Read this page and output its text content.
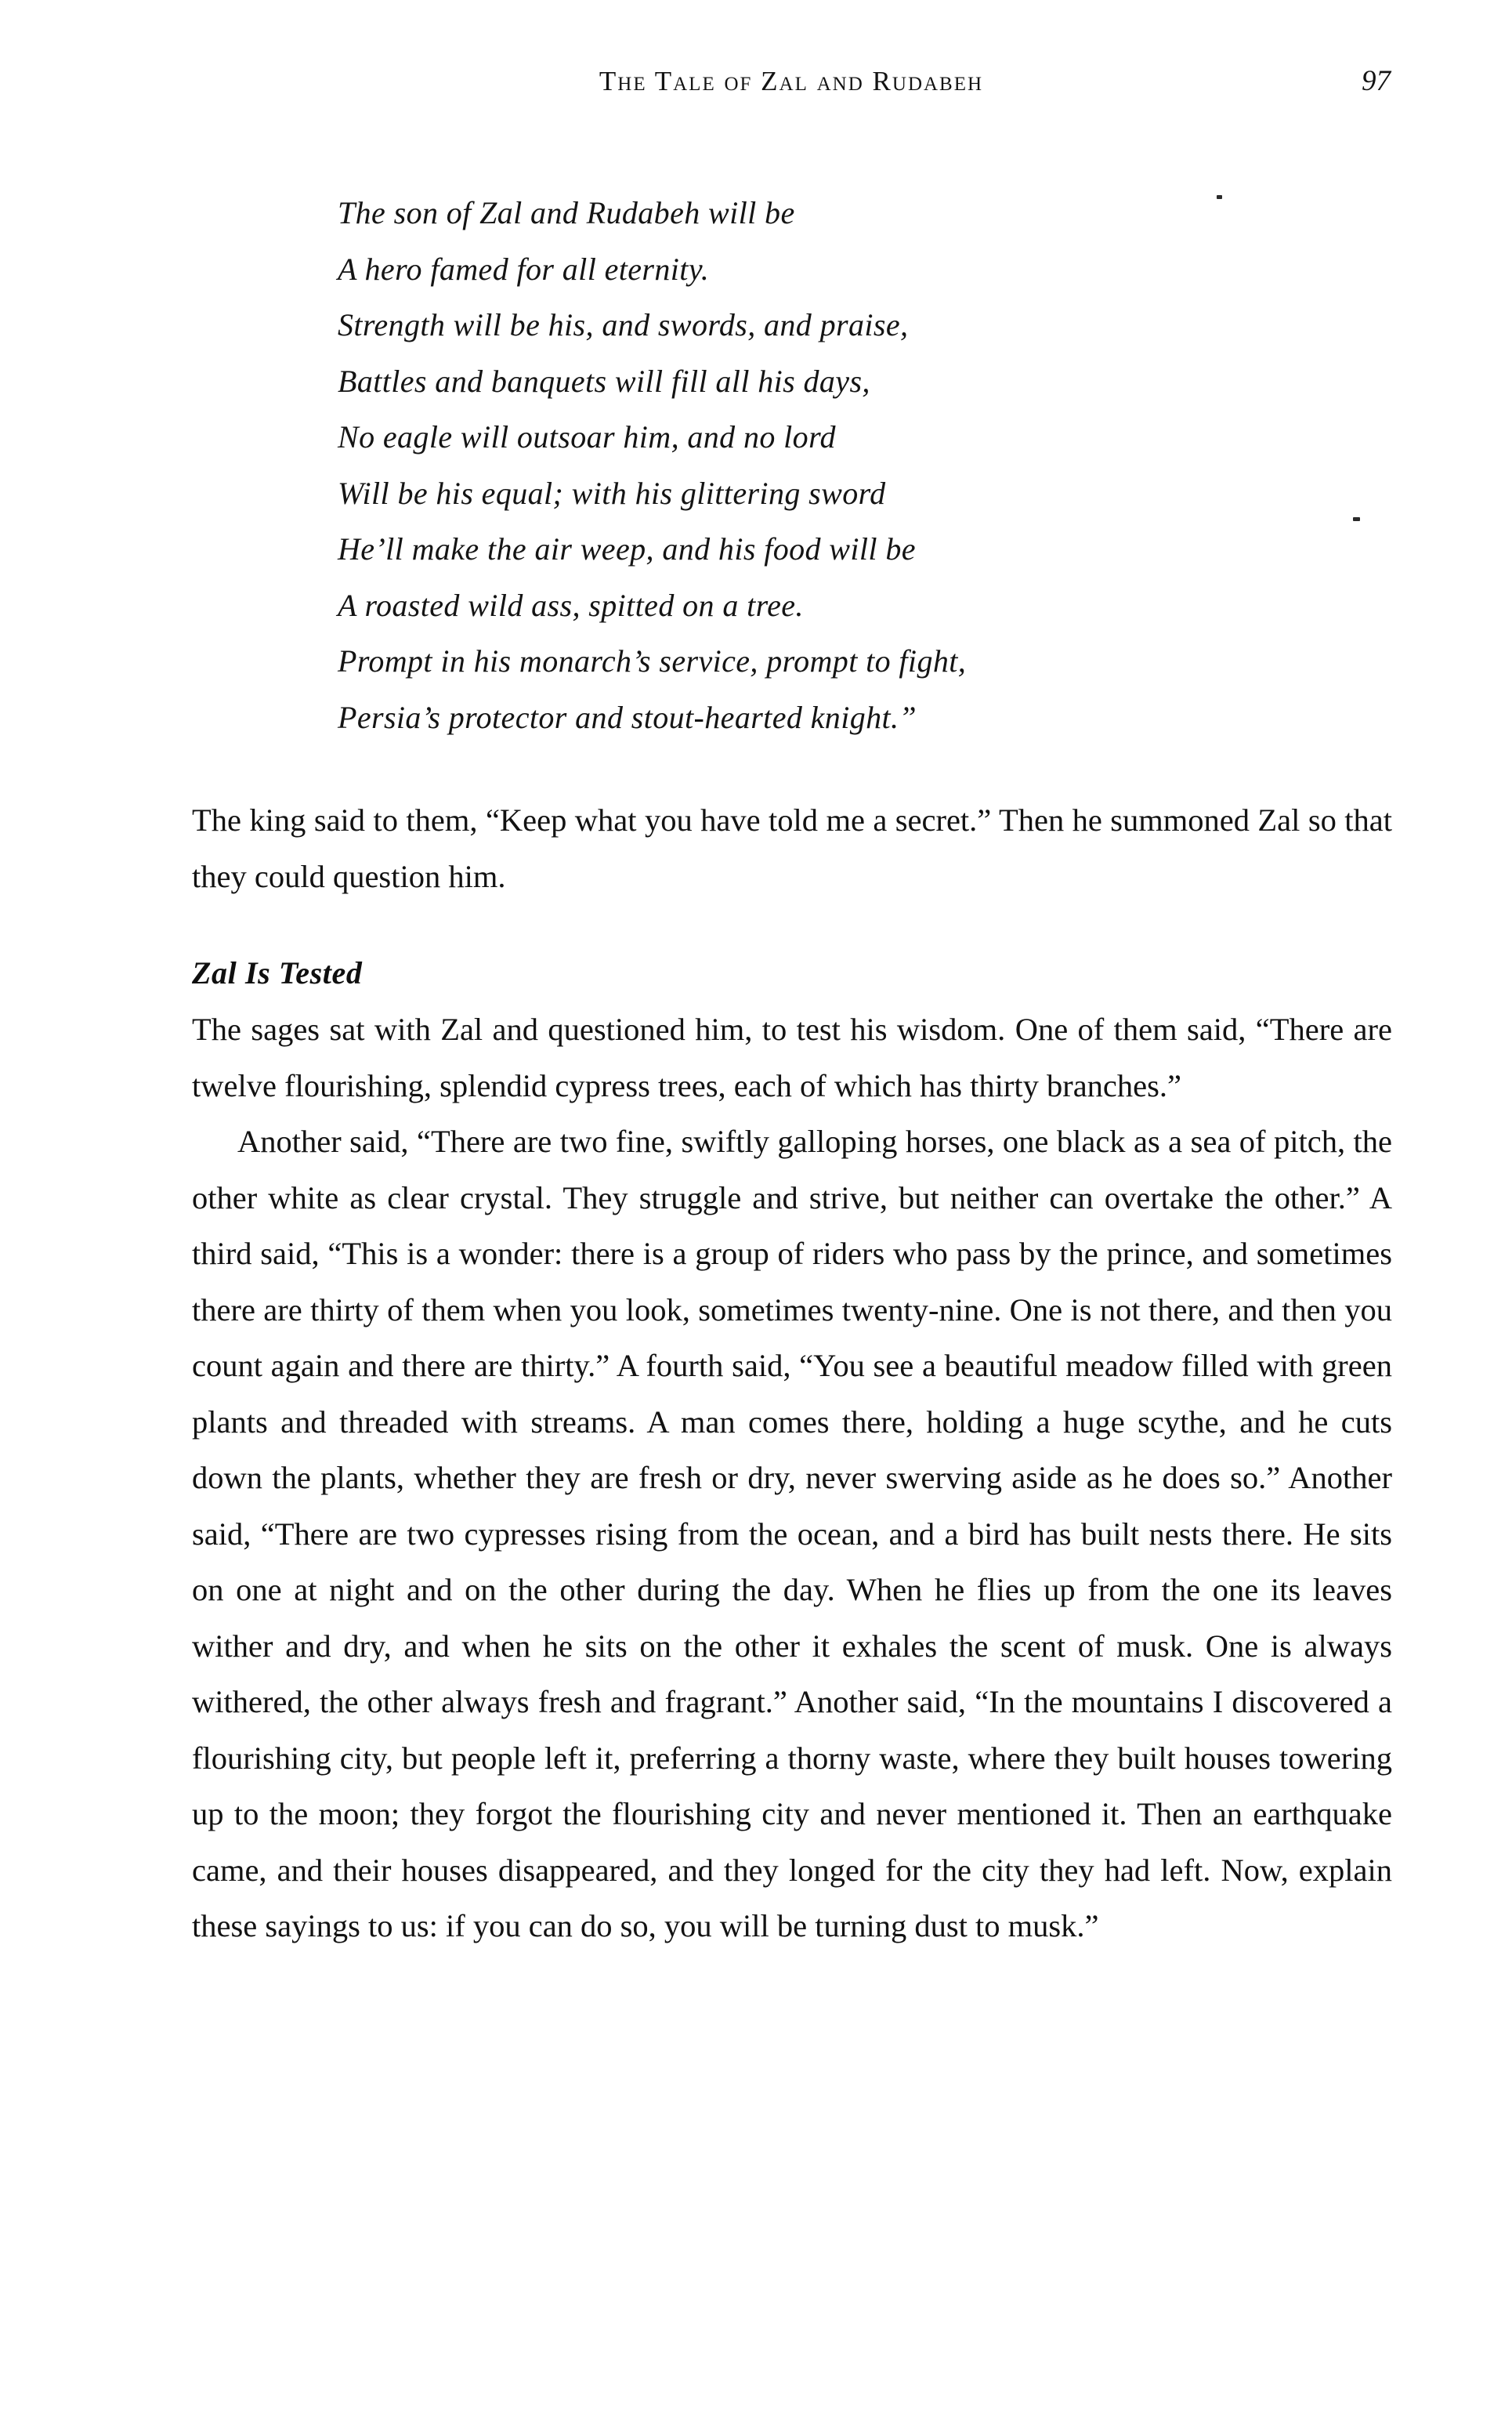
The Tale of Zal and Rudabeh	97
The son of Zal and Rudabeh will be
A hero famed for all eternity.
Strength will be his, and swords, and praise,
Battles and banquets will fill all his days,
No eagle will outsoar him, and no lord
Will be his equal; with his glittering sword
He’ll make the air weep, and his food will be
A roasted wild ass, spitted on a tree.
Prompt in his monarch’s service, prompt to fight,
Persia’s protector and stout-hearted knight.”

The king said to them, “Keep what you have told me a secret.” Then he summoned Zal so that they could question him.

Zal Is Tested

The sages sat with Zal and questioned him, to test his wisdom. One of them said, “There are twelve flourishing, splendid cypress trees, each of which has thirty branches.”

Another said, “There are two fine, swiftly galloping horses, one black as a sea of pitch, the other white as clear crystal. They struggle and strive, but neither can overtake the other.” A third said, “This is a wonder: there is a group of riders who pass by the prince, and sometimes there are thirty of them when you look, sometimes twenty-nine. One is not there, and then you count again and there are thirty.” A fourth said, “You see a beautiful meadow filled with green plants and threaded with streams. A man comes there, holding a huge scythe, and he cuts down the plants, whether they are fresh or dry, never swerving aside as he does so.” Another said, “There are two cypresses rising from the ocean, and a bird has built nests there. He sits on one at night and on the other during the day. When he flies up from the one its leaves wither and dry, and when he sits on the other it exhales the scent of musk. One is always withered, the other always fresh and fragrant.” Another said, “In the mountains I discovered a flourishing city, but people left it, preferring a thorny waste, where they built houses towering up to the moon; they forgot the flourishing city and never mentioned it. Then an earthquake came, and their houses disappeared, and they longed for the city they had left. Now, explain these sayings to us: if you can do so, you will be turning dust to musk.”
